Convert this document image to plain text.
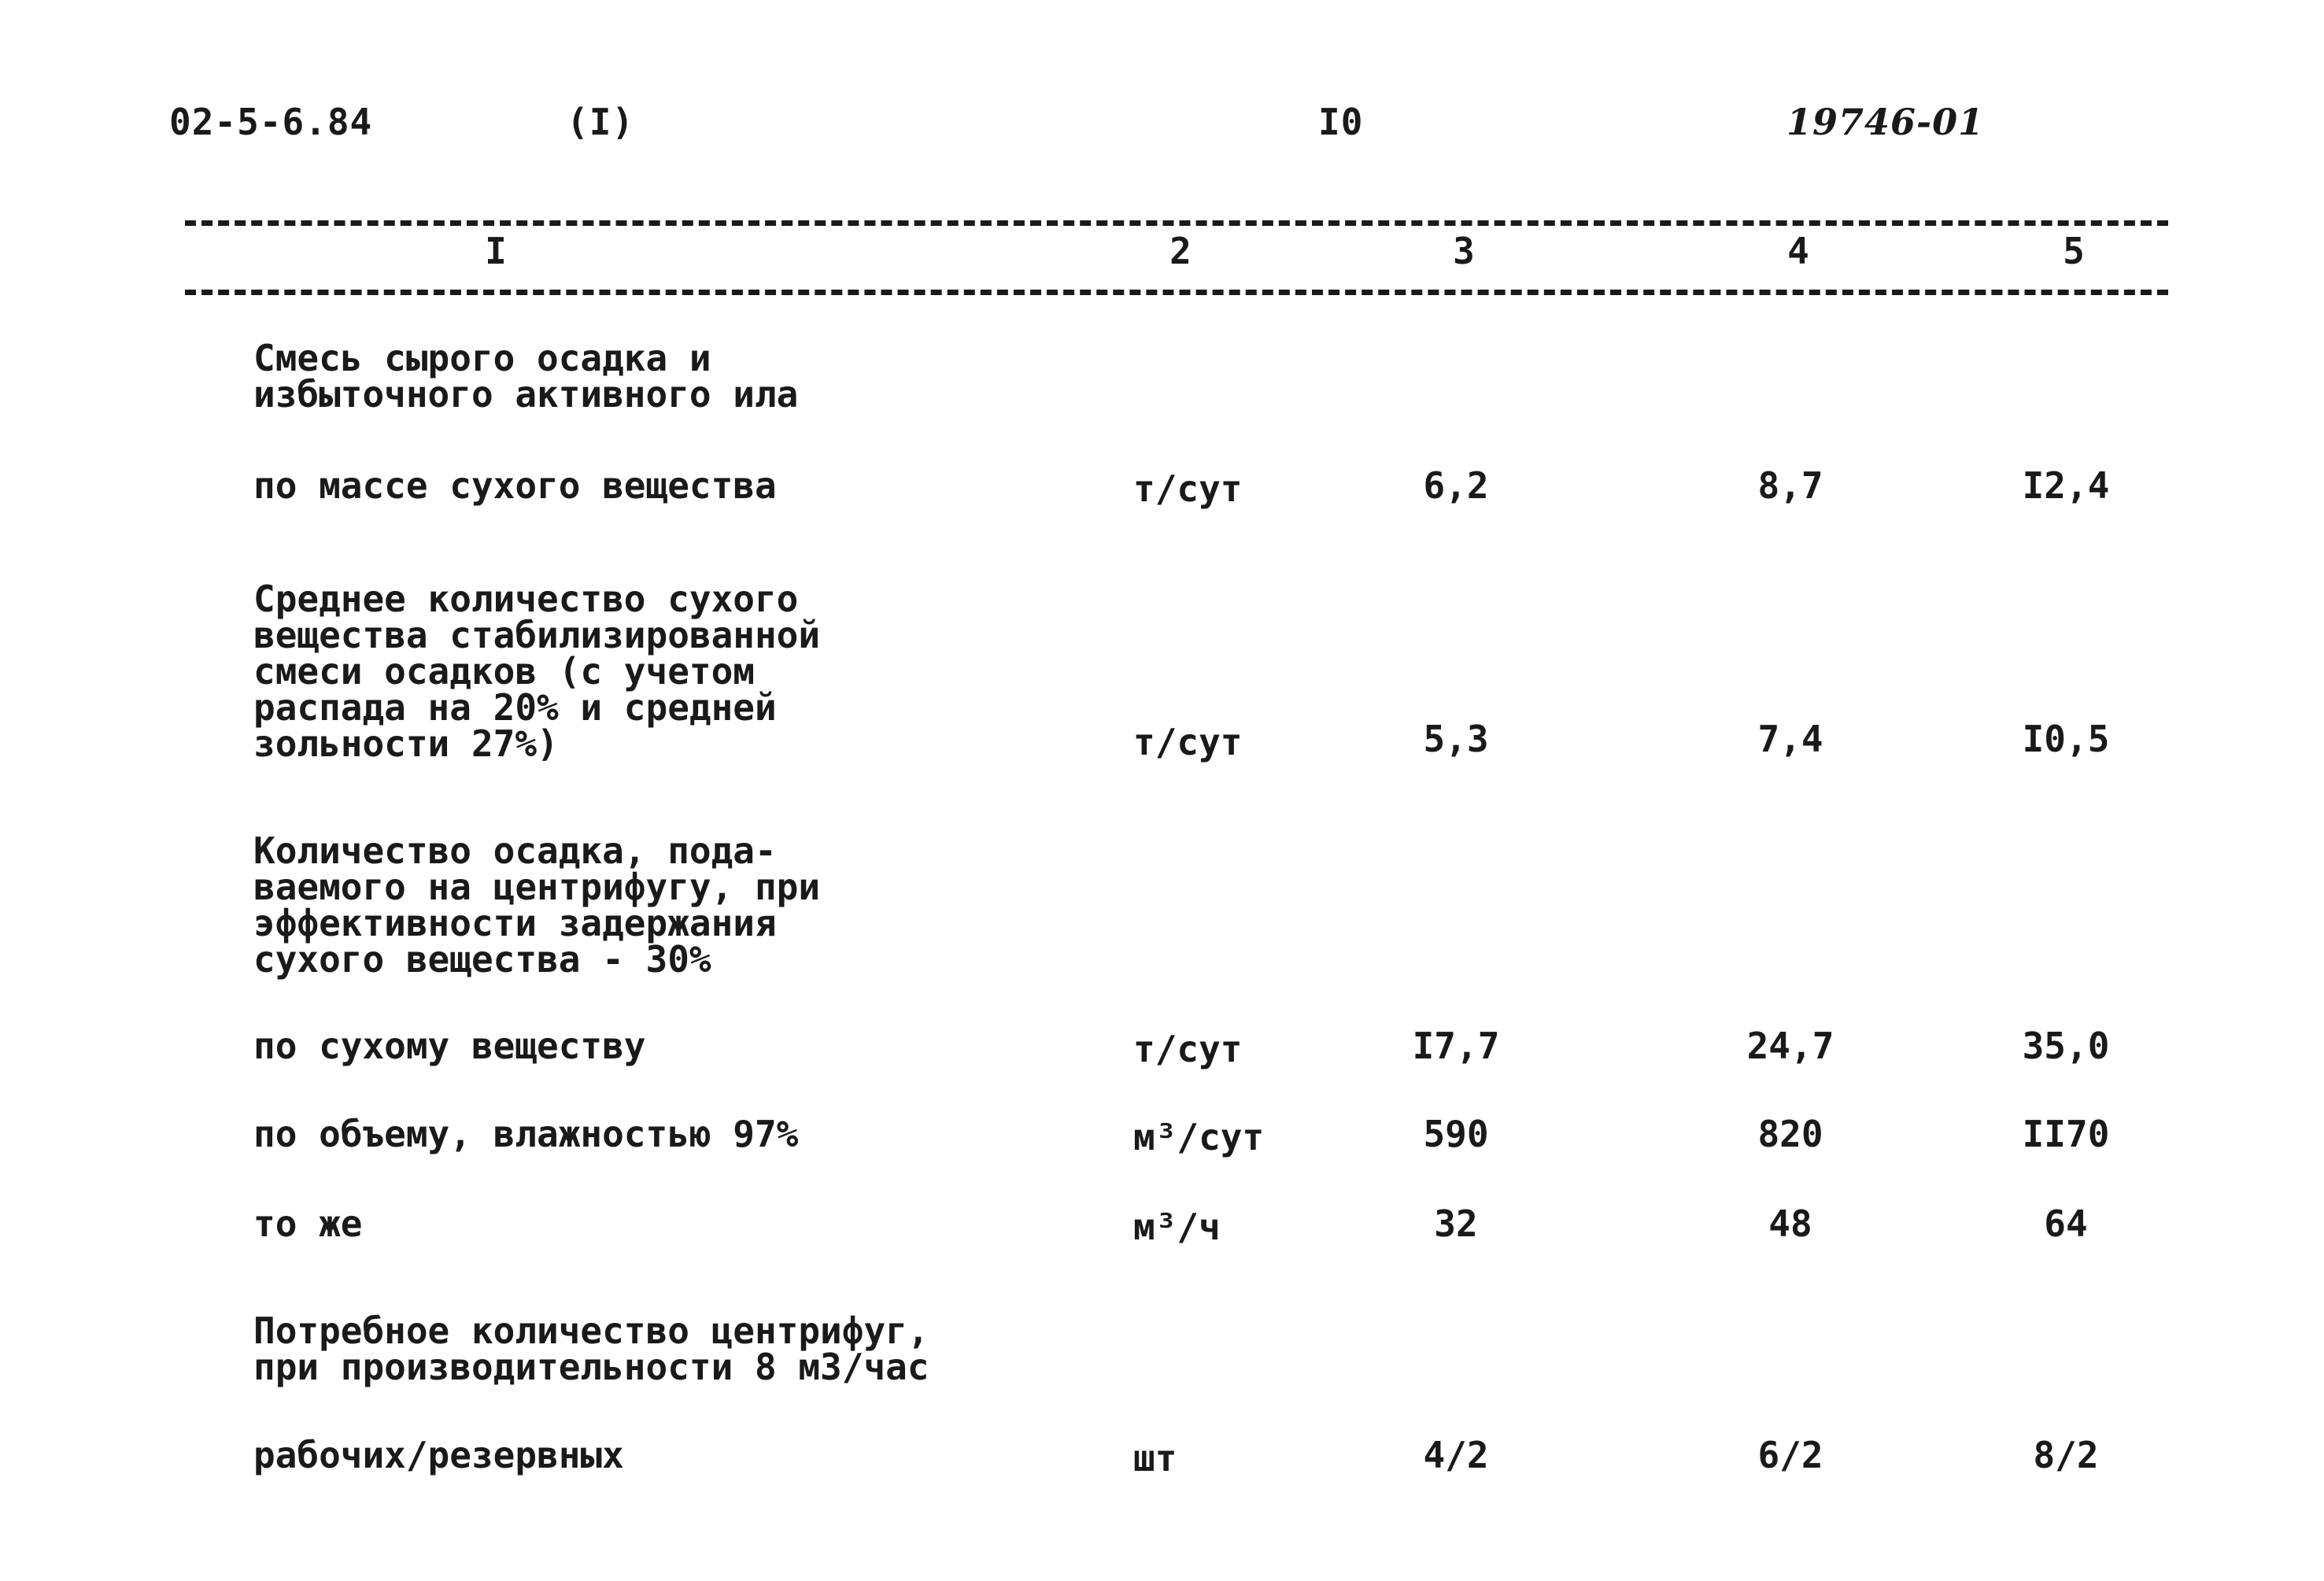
02-5-6.84	(I)	I0	19746-01
I	2	3	4	5
Смесь сырого осадка и
избыточного активного ила
по массе сухого вещества	т/сут	6,2	8,7	I2,4
Среднее количество сухого
вещества стабилизированной
смеси осадков (с учетом
распада на 20% и средней
зольности 27%)	т/сут	5,3	7,4	I0,5
Количество осадка, пода-
ваемого на центрифугу, при
эффективности задержания
сухого вещества - 30%
по сухому веществу	т/сут	I7,7	24,7	35,0
по объему, влажностью 97%	м³/сут	590	820	II70
то же	м³/ч	32	48	64
Потребное количество центрифуг,
при производительности 8 м3/час
рабочих/резервных	шт	4/2	6/2	8/2
